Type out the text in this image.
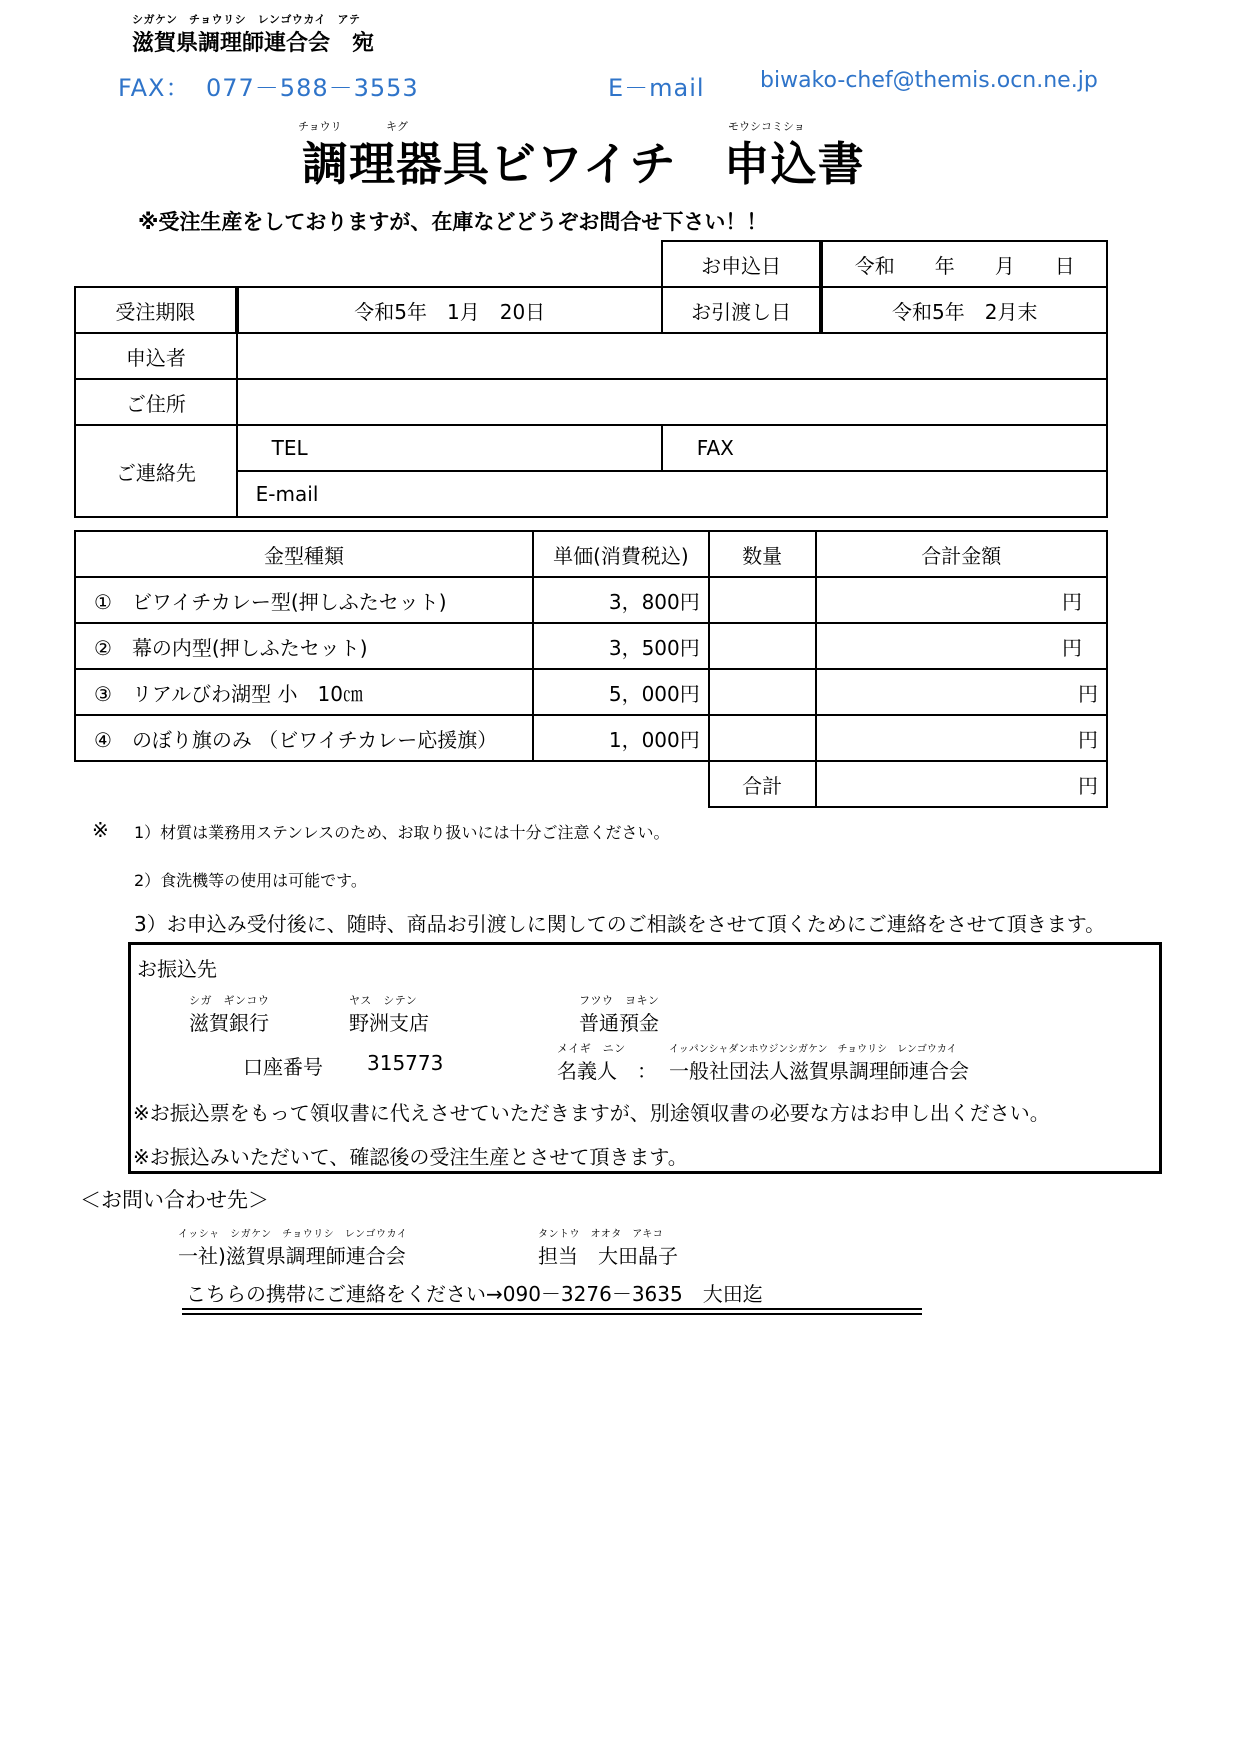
シガケン　チョウリシ　レンゴウカイ　アテ
滋賀県調理師連合会　宛
FAX： 077－588－3553	E－mail	biwako-chef@themis.ocn.ne.jp
チョウリ	キグ	モウシコミショ
調理器具ビワイチ　申込書
※受注生産をしておりますが、在庫などどうぞお問合せ下さい！！
		お申込日	令和　　年　　月　　日
受注期限	令和5年　1月　20日	お引渡し日	令和5年　2月末
申込者			
ご住所			
ご連絡先	TEL	FAX	
	E-mail		
金型種類	単価(消費税込)	数量	合計金額
①　 ビワイチカレー型(押しふたセット)	3，800円		円
②　 幕の内型(押しふたセット)	3，500円		円
③　 リアルびわ湖型 小　10㎝	5，000円		円
④　 のぼり旗のみ （ビワイチカレー応援旗）	1，000円		円
		合計	円
※ 1）材質は業務用ステンレスのため、お取り扱いには十分ご注意ください。
2）食洗機等の使用は可能です。
3）お申込み受付後に、随時、商品お引渡しに関してのご相談をさせて頂くためにご連絡をさせて頂きます。
お振込先
シガ　ギンコウ
滋賀銀行
ヤス　シテン
野洲支店
フツウ　ヨキン
普通預金
口座番号 315773
メイギ　ニン
名義人　：
イッパンシャダンホウジンシガケン　チョウリシ　レンゴウカイ
一般社団法人滋賀県調理師連合会
※お振込票をもって領収書に代えさせていただきますが、別途領収書の必要な方はお申し出ください。
※お振込みいただいて、確認後の受注生産とさせて頂きます。
＜お問い合わせ先＞
イッシャ　シガケン　チョウリシ　レンゴウカイ
一社)滋賀県調理師連合会
タントウ　オオタ　アキコ
担当　大田晶子
こちらの携帯にご連絡をください→090－3276－3635　大田迄
